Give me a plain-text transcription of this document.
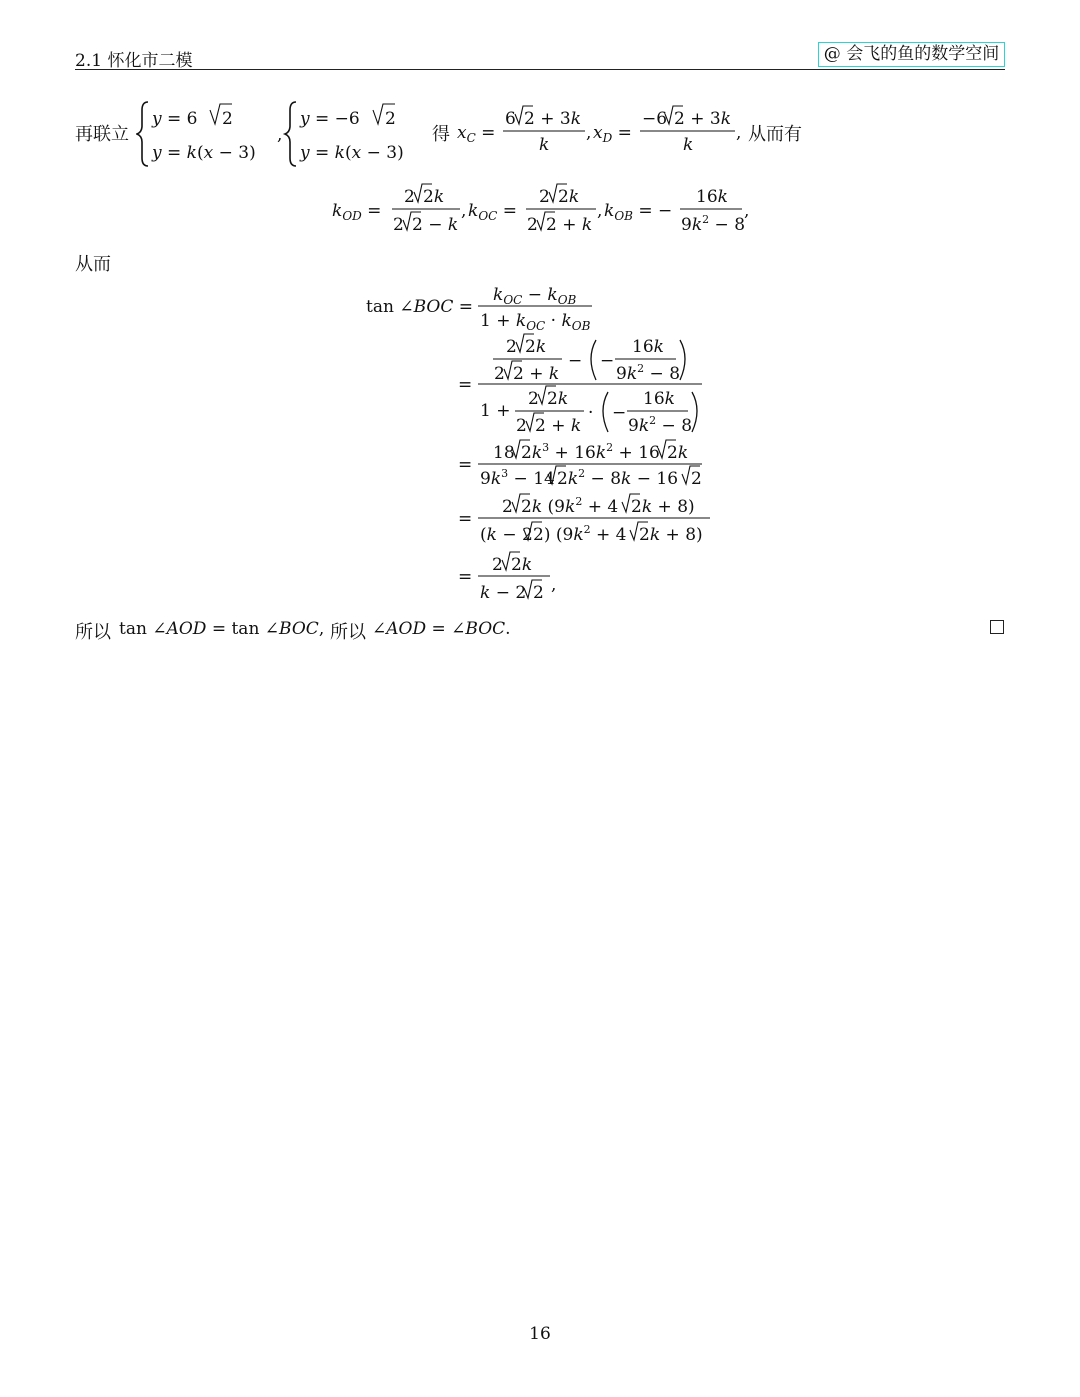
2.1 怀化市二模	@ 会飞的鱼的数学空间
再联立
y = 6 2
y = k(x − 3)
,
y = −6 2
y = k(x − 3)
得 $x_C$ =
6 2 + 3k
k
, $x_D$ =
−6 2 + 3k
k
, 从而有
$k_{OD}$ =
2 2k
2 2 − k
, $k_{OC}$ =
2 2k
2 2 + k
, $k_{OB}$ = −
16k
$9k^2 - 8$
,
从而
tan ∠BOC =
$k_{OC} - k_{OB}$
$1 + k_{OC} \cdot k_{OB}$
=
2 2k
2 2 + k
− −
16k
$9k^2 - 8$
1 +
2 2k
2 2 + k
· −
16k
$9k^2 - 8$
=
18 $2k^3 + 16k^2 + 16$ 2k
$9k^3 - 14$ $2k^2 - 8k - 16$ 2
=
2 2k ($9k^2 + 4$ 2k + 8)
(k − 2 2) ($9k^2 + 4$ 2k + 8)
=
2 2k
k − 2 2 ,
所以 tan ∠AOD = tan ∠BOC, 所以 ∠AOD = ∠BOC.
16
